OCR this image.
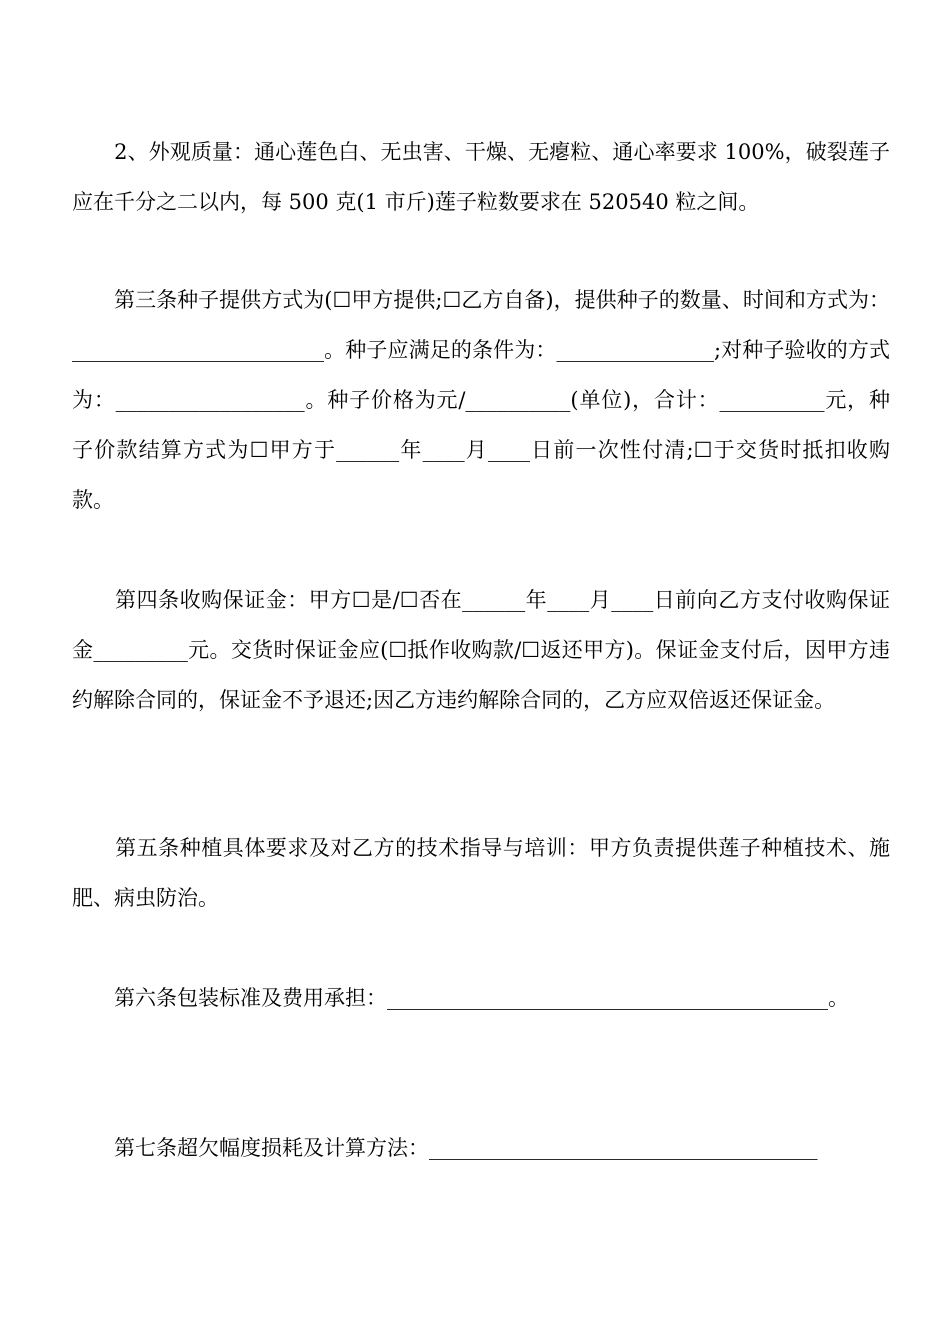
　　2、外观质量：通心莲色白、无虫害、干燥、无瘪粒、通心率要求 100%，破裂莲子应在千分之二以内，每 500 克(1 市斤)莲子粒数要求在 520540 粒之间。
　　第三条种子提供方式为(☐甲方提供;☐乙方自备)，提供种子的数量、时间和方式为：________________________。种子应满足的条件为：_______________;对种子验收的方式为：__________________。种子价格为元/__________(单位)，合计：__________元，种子价款结算方式为☐甲方于______年____月____日前一次性付清;☐于交货时抵扣收购款。
　　第四条收购保证金：甲方☐是/☐否在______年____月____日前向乙方支付收购保证金_________元。交货时保证金应(☐抵作收购款/☐返还甲方)。保证金支付后，因甲方违约解除合同的，保证金不予退还;因乙方违约解除合同的，乙方应双倍返还保证金。
　　第五条种植具体要求及对乙方的技术指导与培训：甲方负责提供莲子种植技术、施肥、病虫防治。
　　第六条包装标准及费用承担：__________________________________________。
　　第七条超欠幅度损耗及计算方法：_____________________________________
